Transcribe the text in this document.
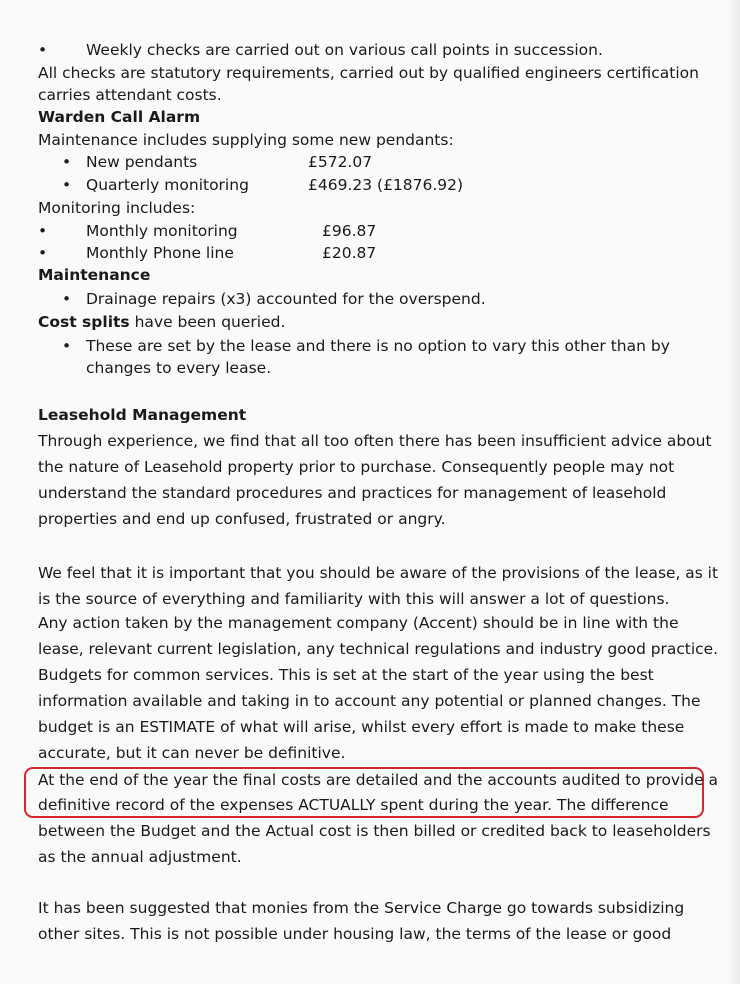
•	Weekly checks are carried out on various call points in succession.
All checks are statutory requirements, carried out by qualified engineers certification
carries attendant costs.
Warden Call Alarm
Maintenance includes supplying some new pendants:
• New pendants	£572.07
• Quarterly monitoring	£469.23 (£1876.92)
Monitoring includes:
•	Monthly monitoring	£96.87
•	Monthly Phone line	£20.87
Maintenance
• Drainage repairs (x3) accounted for the overspend.
Cost splits have been queried.
• These are set by the lease and there is no option to vary this other than by
changes to every lease.
Leasehold Management
Through experience, we find that all too often there has been insufficient advice about
the nature of Leasehold property prior to purchase. Consequently people may not
understand the standard procedures and practices for management of leasehold
properties and end up confused, frustrated or angry.
We feel that it is important that you should be aware of the provisions of the lease, as it
is the source of everything and familiarity with this will answer a lot of questions.
Any action taken by the management company (Accent) should be in line with the
lease, relevant current legislation, any technical regulations and industry good practice.
Budgets for common services. This is set at the start of the year using the best
information available and taking in to account any potential or planned changes. The
budget is an ESTIMATE of what will arise, whilst every effort is made to make these
accurate, but it can never be definitive.
At the end of the year the final costs are detailed and the accounts audited to provide a
definitive record of the expenses ACTUALLY spent during the year. The difference
between the Budget and the Actual cost is then billed or credited back to leaseholders
as the annual adjustment.
It has been suggested that monies from the Service Charge go towards subsidizing
other sites. This is not possible under housing law, the terms of the lease or good
